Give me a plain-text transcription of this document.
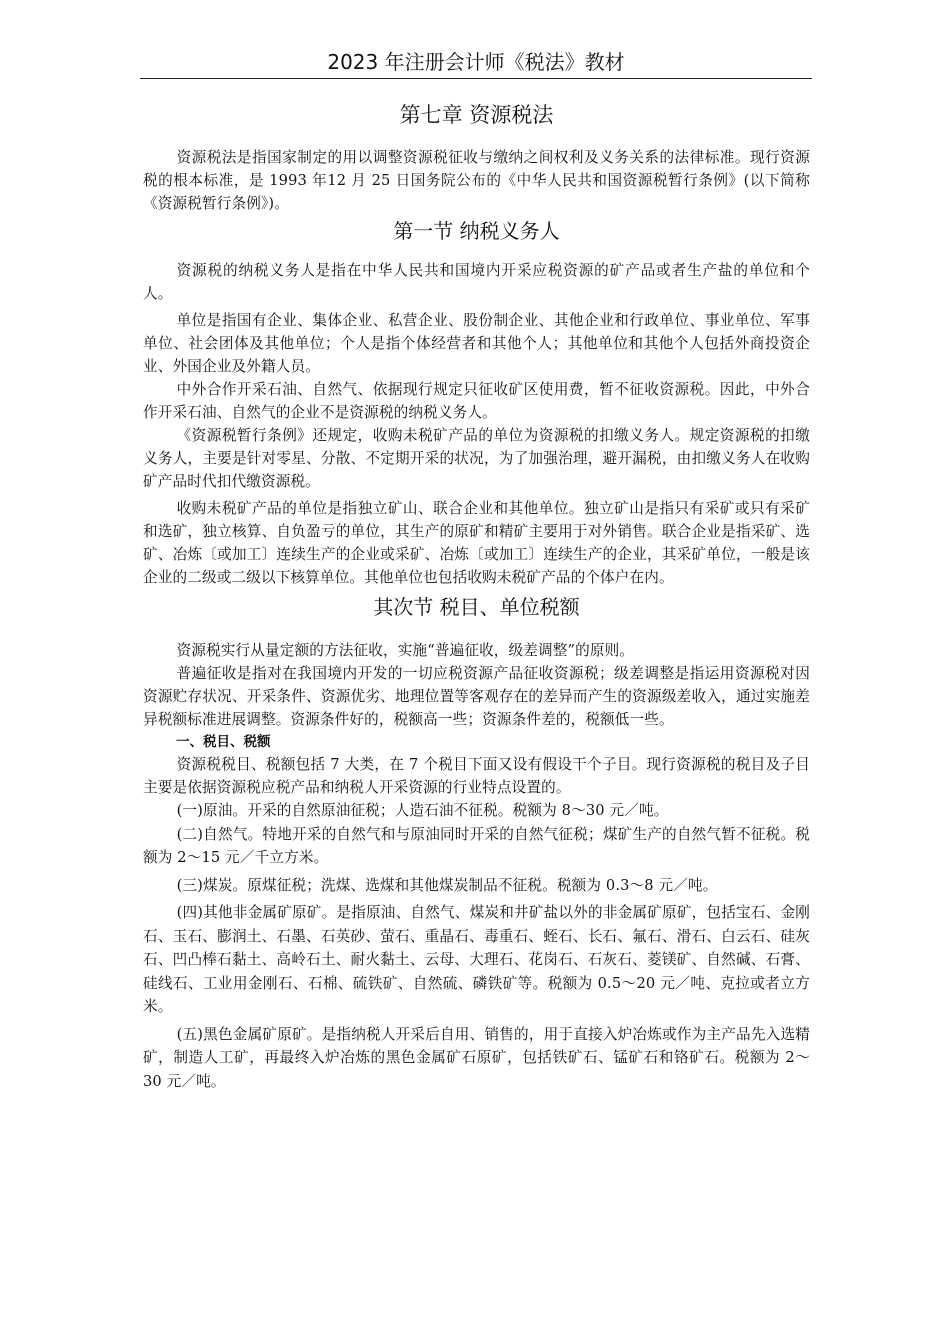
2023 年注册会计师《税法》教材
第七章 资源税法

资源税法是指国家制定的用以调整资源税征收与缴纳之间权利及义务关系的法律标准。现行资源税的根本标准，是 1993 年12 月 25 日国务院公布的《中华人民共和国资源税暂行条例》(以下简称《资源税暂行条例》)。

第一节 纳税义务人

资源税的纳税义务人是指在中华人民共和国境内开采应税资源的矿产品或者生产盐的单位和个人。

单位是指国有企业、集体企业、私营企业、股份制企业、其他企业和行政单位、事业单位、军事单位、社会团体及其他单位；个人是指个体经营者和其他个人；其他单位和其他个人包括外商投资企业、外国企业及外籍人员。

中外合作开采石油、自然气、依据现行规定只征收矿区使用费，暂不征收资源税。因此，中外合作开采石油、自然气的企业不是资源税的纳税义务人。

《资源税暂行条例》还规定，收购未税矿产品的单位为资源税的扣缴义务人。规定资源税的扣缴义务人，主要是针对零星、分散、不定期开采的状况，为了加强治理，避开漏税，由扣缴义务人在收购矿产品时代扣代缴资源税。

收购未税矿产品的单位是指独立矿山、联合企业和其他单位。独立矿山是指只有采矿或只有采矿和选矿，独立核算、自负盈亏的单位，其生产的原矿和精矿主要用于对外销售。联合企业是指采矿、选矿、冶炼〔或加工〕连续生产的企业或采矿、冶炼〔或加工〕连续生产的企业，其采矿单位，一般是该企业的二级或二级以下核算单位。其他单位也包括收购未税矿产品的个体户在内。

其次节 税目、单位税额

资源税实行从量定额的方法征收，实施“普遍征收，级差调整”的原则。

普遍征收是指对在我国境内开发的一切应税资源产品征收资源税；级差调整是指运用资源税对因资源贮存状况、开采条件、资源优劣、地理位置等客观存在的差异而产生的资源级差收入，通过实施差异税额标准进展调整。资源条件好的，税额高一些；资源条件差的，税额低一些。

一、税目、税额

资源税税目、税额包括 7 大类，在 7 个税目下面又设有假设干个子目。现行资源税的税目及子目主要是依据资源税应税产品和纳税人开采资源的行业特点设置的。

(一)原油。开采的自然原油征税；人造石油不征税。税额为 8～30 元／吨。

(二)自然气。特地开采的自然气和与原油同时开采的自然气征税；煤矿生产的自然气暂不征税。税额为 2～15 元／千立方米。

(三)煤炭。原煤征税；洗煤、选煤和其他煤炭制品不征税。税额为 0.3～8 元／吨。

(四)其他非金属矿原矿。是指原油、自然气、煤炭和井矿盐以外的非金属矿原矿，包括宝石、金刚石、玉石、膨润土、石墨、石英砂、萤石、重晶石、毒重石、蛭石、长石、氟石、滑石、白云石、硅灰石、凹凸棒石黏土、高岭石土、耐火黏土、云母、大理石、花岗石、石灰石、菱镁矿、自然碱、石膏、硅线石、工业用金刚石、石棉、硫铁矿、自然硫、磷铁矿等。税额为 0.5～20 元／吨、克拉或者立方米。

(五)黑色金属矿原矿。是指纳税人开采后自用、销售的，用于直接入炉冶炼或作为主产品先入选精矿，制造人工矿，再最终入炉冶炼的黑色金属矿石原矿，包括铁矿石、锰矿石和铬矿石。税额为 2～30 元／吨。
